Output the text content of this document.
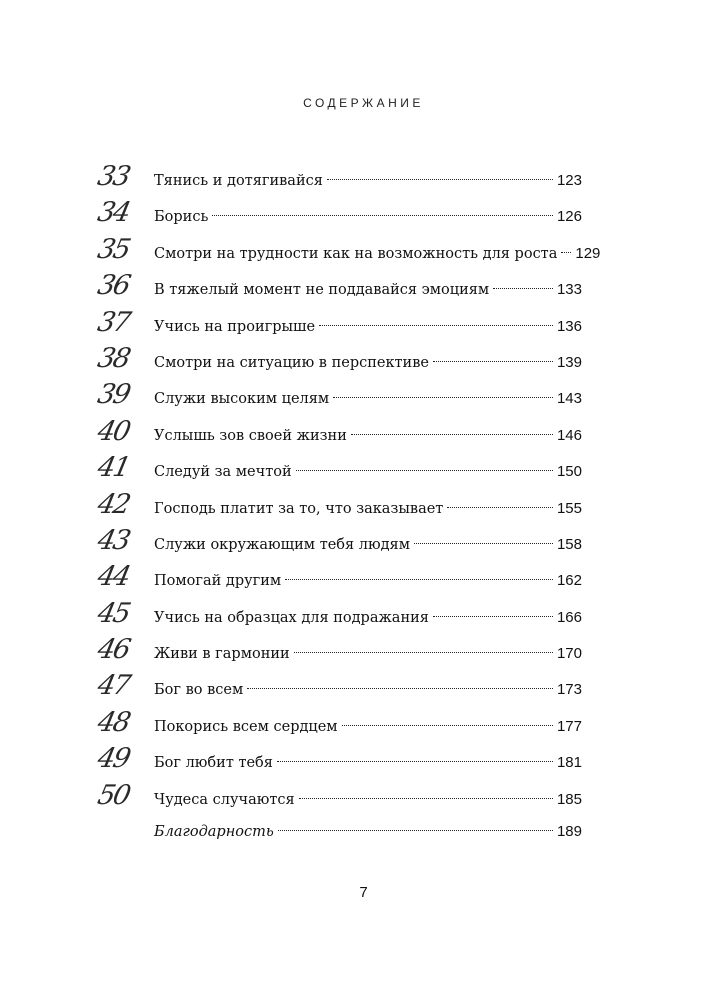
СОДЕРЖАНИЕ
33	Тянись и дотягивайся	123
34	Борись	126
35	Смотри на трудности как на возможность для роста 129
36	В тяжелый момент не поддавайся эмоциям	133
37	Учись на проигрыше	136
38	Смотри на ситуацию в перспективе	139
39	Служи высоким целям	143
40	Услышь зов своей жизни	146
41	Следуй за мечтой	150
42	Господь платит за то, что заказывает	155
43	Служи окружающим тебя людям	158
44	Помогай другим	162
45	Учись на образцах для подражания	166
46	Живи в гармонии	170
47	Бог во всем	173
48	Покорись всем сердцем	177
49	Бог любит тебя	181
50	Чудеса случаются	185
Благодарность	189
7
